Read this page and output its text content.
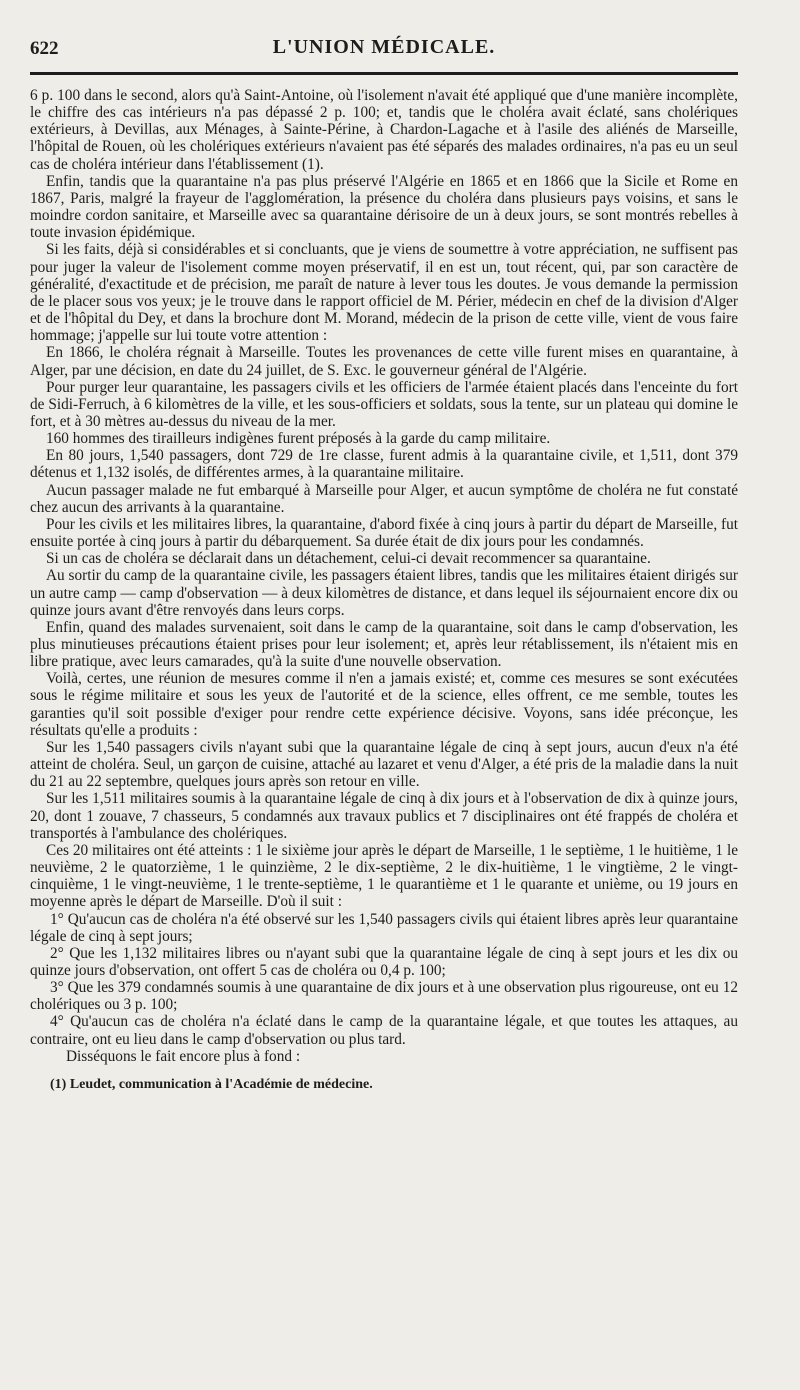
622	L'UNION MÉDICALE.

6 p. 100 dans le second, alors qu'à Saint-Antoine, où l'isolement n'avait été appliqué que d'une manière incomplète, le chiffre des cas intérieurs n'a pas dépassé 2 p. 100; et, tandis que le choléra avait éclaté, sans cholériques extérieurs, à Devillas, aux Ménages, à Sainte-Périne, à Chardon-Lagache et à l'asile des aliénés de Marseille, l'hôpital de Rouen, où les cholériques extérieurs n'avaient pas été séparés des malades ordinaires, n'a pas eu un seul cas de choléra intérieur dans l'établissement (1).

Enfin, tandis que la quarantaine n'a pas plus préservé l'Algérie en 1865 et en 1866 que la Sicile et Rome en 1867, Paris, malgré la frayeur de l'agglomération, la présence du choléra dans plusieurs pays voisins, et sans le moindre cordon sanitaire, et Marseille avec sa quarantaine dérisoire de un à deux jours, se sont montrés rebelles à toute invasion épidémique.

Si les faits, déjà si considérables et si concluants, que je viens de soumettre à votre appréciation, ne suffisent pas pour juger la valeur de l'isolement comme moyen préservatif, il en est un, tout récent, qui, par son caractère de généralité, d'exactitude et de précision, me paraît de nature à lever tous les doutes. Je vous demande la permission de le placer sous vos yeux; je le trouve dans le rapport officiel de M. Périer, médecin en chef de la division d'Alger et de l'hôpital du Dey, et dans la brochure dont M. Morand, médecin de la prison de cette ville, vient de vous faire hommage; j'appelle sur lui toute votre attention :

En 1866, le choléra régnait à Marseille. Toutes les provenances de cette ville furent mises en quarantaine, à Alger, par une décision, en date du 24 juillet, de S. Exc. le gouverneur général de l'Algérie.

Pour purger leur quarantaine, les passagers civils et les officiers de l'armée étaient placés dans l'enceinte du fort de Sidi-Ferruch, à 6 kilomètres de la ville, et les sous-officiers et soldats, sous la tente, sur un plateau qui domine le fort, et à 30 mètres au-dessus du niveau de la mer.

160 hommes des tirailleurs indigènes furent préposés à la garde du camp militaire.

En 80 jours, 1,540 passagers, dont 729 de 1re classe, furent admis à la quarantaine civile, et 1,511, dont 379 détenus et 1,132 isolés, de différentes armes, à la quarantaine militaire.

Aucun passager malade ne fut embarqué à Marseille pour Alger, et aucun symptôme de choléra ne fut constaté chez aucun des arrivants à la quarantaine.

Pour les civils et les militaires libres, la quarantaine, d'abord fixée à cinq jours à partir du départ de Marseille, fut ensuite portée à cinq jours à partir du débarquement. Sa durée était de dix jours pour les condamnés.

Si un cas de choléra se déclarait dans un détachement, celui-ci devait recommencer sa quarantaine.

Au sortir du camp de la quarantaine civile, les passagers étaient libres, tandis que les militaires étaient dirigés sur un autre camp — camp d'observation — à deux kilomètres de distance, et dans lequel ils séjournaient encore dix ou quinze jours avant d'être renvoyés dans leurs corps.

Enfin, quand des malades survenaient, soit dans le camp de la quarantaine, soit dans le camp d'observation, les plus minutieuses précautions étaient prises pour leur isolement; et, après leur rétablissement, ils n'étaient mis en libre pratique, avec leurs camarades, qu'à la suite d'une nouvelle observation.

Voilà, certes, une réunion de mesures comme il n'en a jamais existé; et, comme ces mesures se sont exécutées sous le régime militaire et sous les yeux de l'autorité et de la science, elles offrent, ce me semble, toutes les garanties qu'il soit possible d'exiger pour rendre cette expérience décisive. Voyons, sans idée préconçue, les résultats qu'elle a produits :

Sur les 1,540 passagers civils n'ayant subi que la quarantaine légale de cinq à sept jours, aucun d'eux n'a été atteint de choléra. Seul, un garçon de cuisine, attaché au lazaret et venu d'Alger, a été pris de la maladie dans la nuit du 21 au 22 septembre, quelques jours après son retour en ville.

Sur les 1,511 militaires soumis à la quarantaine légale de cinq à dix jours et à l'observation de dix à quinze jours, 20, dont 1 zouave, 7 chasseurs, 5 condamnés aux travaux publics et 7 disciplinaires ont été frappés de choléra et transportés à l'ambulance des cholériques.

Ces 20 militaires ont été atteints : 1 le sixième jour après le départ de Marseille, 1 le septième, 1 le huitième, 1 le neuvième, 2 le quatorzième, 1 le quinzième, 2 le dix-septième, 2 le dix-huitième, 1 le vingtième, 2 le vingt-cinquième, 1 le vingt-neuvième, 1 le trente-septième, 1 le quarantième et 1 le quarante et unième, ou 19 jours en moyenne après le départ de Marseille. D'où il suit :

1° Qu'aucun cas de choléra n'a été observé sur les 1,540 passagers civils qui étaient libres après leur quarantaine légale de cinq à sept jours;

2° Que les 1,132 militaires libres ou n'ayant subi que la quarantaine légale de cinq à sept jours et les dix ou quinze jours d'observation, ont offert 5 cas de choléra ou 0,4 p. 100;

3° Que les 379 condamnés soumis à une quarantaine de dix jours et à une observation plus rigoureuse, ont eu 12 cholériques ou 3 p. 100;

4° Qu'aucun cas de choléra n'a éclaté dans le camp de la quarantaine légale, et que toutes les attaques, au contraire, ont eu lieu dans le camp d'observation ou plus tard.

Disséquons le fait encore plus à fond :

(1) Leudet, communication à l'Académie de médecine.
